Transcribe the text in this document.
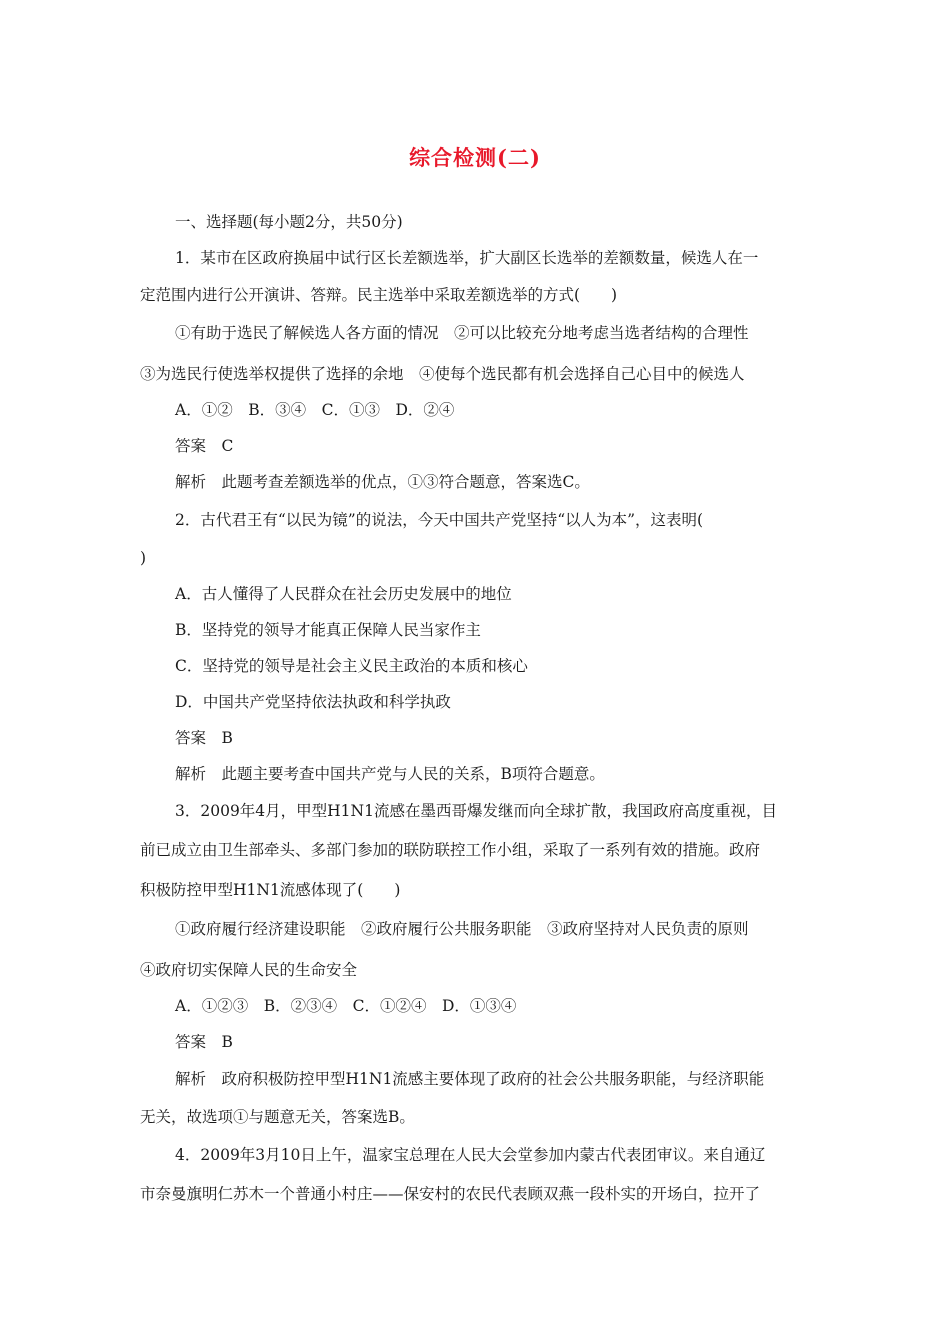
综合检测(二)
一、选择题(每小题2分，共50分)
1．某市在区政府换届中试行区长差额选举，扩大副区长选举的差额数量，候选人在一
定范围内进行公开演讲、答辩。民主选举中采取差额选举的方式(　　)
①有助于选民了解候选人各方面的情况　②可以比较充分地考虑当选者结构的合理性
③为选民行使选举权提供了选择的余地　④使每个选民都有机会选择自己心目中的候选人
A．①②　B．③④　C．①③　D．②④
答案　C
解析　此题考查差额选举的优点，①③符合题意，答案选C。
2．古代君王有“以民为镜”的说法，今天中国共产党坚持“以人为本”，这表明(
)
A．古人懂得了人民群众在社会历史发展中的地位
B．坚持党的领导才能真正保障人民当家作主
C．坚持党的领导是社会主义民主政治的本质和核心
D．中国共产党坚持依法执政和科学执政
答案　B
解析　此题主要考查中国共产党与人民的关系，B项符合题意。
3．2009年4月，甲型H1N1流感在墨西哥爆发继而向全球扩散，我国政府高度重视，目
前已成立由卫生部牵头、多部门参加的联防联控工作小组，采取了一系列有效的措施。政府
积极防控甲型H1N1流感体现了(　　)
①政府履行经济建设职能　②政府履行公共服务职能　③政府坚持对人民负责的原则
④政府切实保障人民的生命安全
A．①②③　B．②③④　C．①②④　D．①③④
答案　B
解析　政府积极防控甲型H1N1流感主要体现了政府的社会公共服务职能，与经济职能
无关，故选项①与题意无关，答案选B。
4．2009年3月10日上午，温家宝总理在人民大会堂参加内蒙古代表团审议。来自通辽
市奈曼旗明仁苏木一个普通小村庄——保安村的农民代表顾双燕一段朴实的开场白，拉开了
